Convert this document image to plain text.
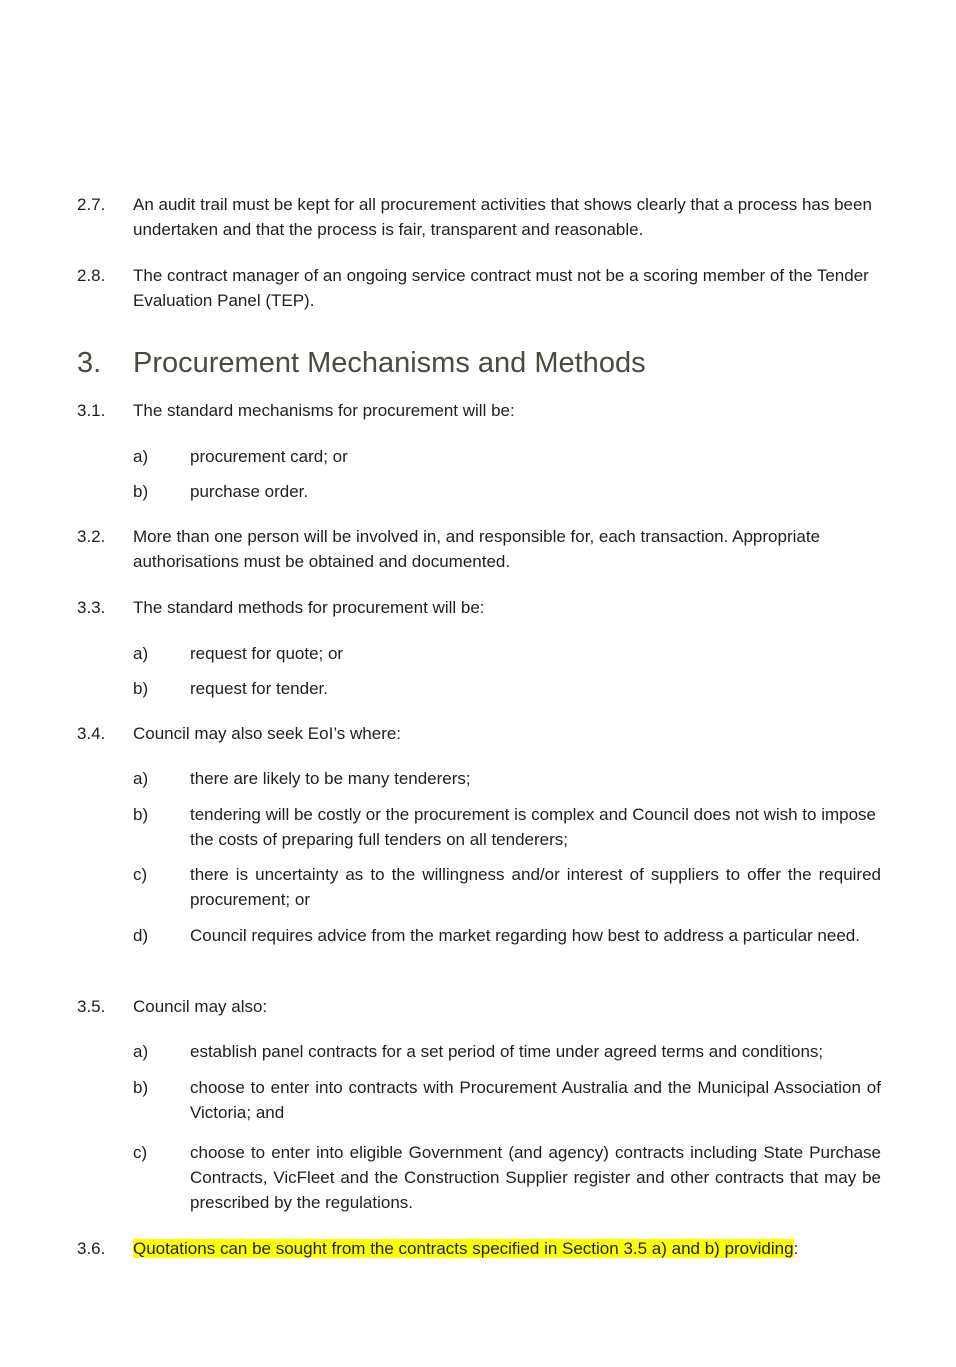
2.7. An audit trail must be kept for all procurement activities that shows clearly that a process has been undertaken and that the process is fair, transparent and reasonable.
2.8. The contract manager of an ongoing service contract must not be a scoring member of the Tender Evaluation Panel (TEP).
3. Procurement Mechanisms and Methods
3.1. The standard mechanisms for procurement will be:
a) procurement card; or
b) purchase order.
3.2. More than one person will be involved in, and responsible for, each transaction. Appropriate authorisations must be obtained and documented.
3.3. The standard methods for procurement will be:
a) request for quote; or
b) request for tender.
3.4. Council may also seek EoI’s where:
a) there are likely to be many tenderers;
b) tendering will be costly or the procurement is complex and Council does not wish to impose the costs of preparing full tenders on all tenderers;
c)	there is uncertainty as to the willingness and/or interest of suppliers to offer the required procurement; or
d) Council requires advice from the market regarding how best to address a particular need.
3.5. Council may also:
a) establish panel contracts for a set period of time under agreed terms and conditions;
b) choose to enter into contracts with Procurement Australia and the Municipal Association of Victoria; and
c)	choose to enter into eligible Government (and agency) contracts including State Purchase Contracts, VicFleet and the Construction Supplier register and other contracts that may be prescribed by the regulations.
3.6. Quotations can be sought from the contracts specified in Section 3.5 a) and b) providing:
